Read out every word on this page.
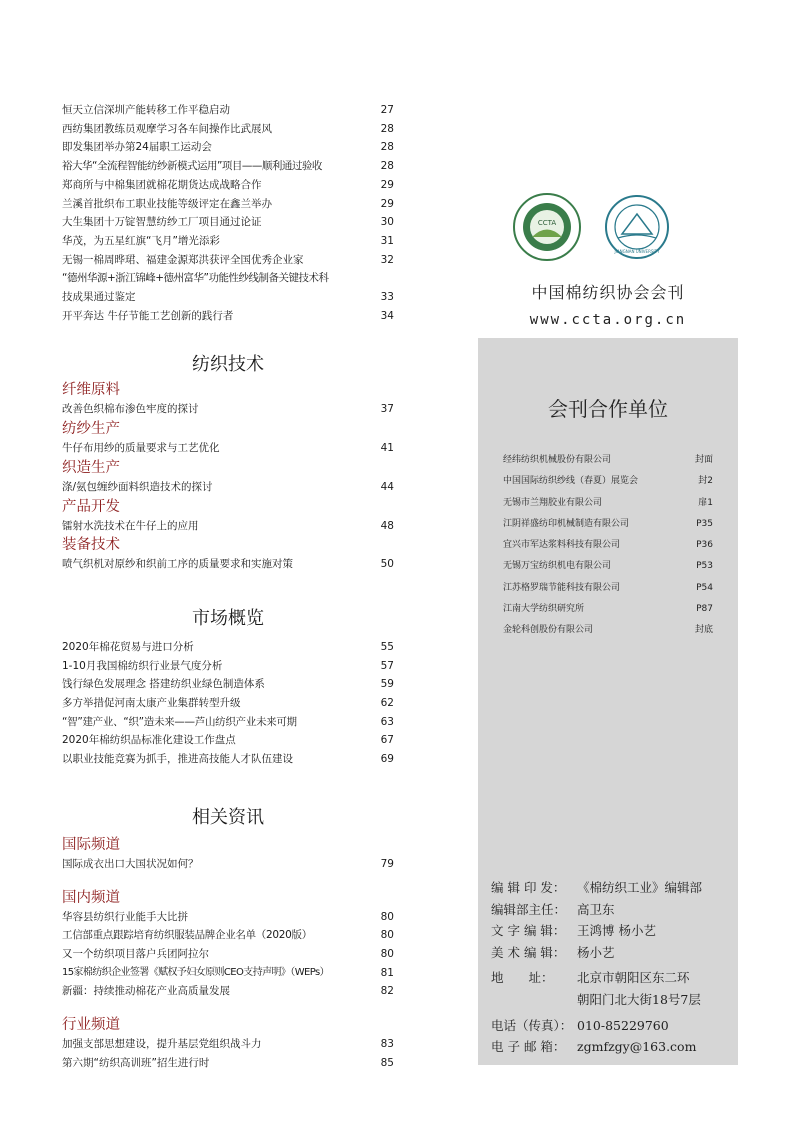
恒天立信深圳产能转移工作平稳启动	27
西纺集团教练员观摩学习各车间操作比武展风	28
即发集团举办第24届职工运动会	28
裕大华“全流程智能纺纱新模式运用”项目——顺利通过验收	28
郑商所与中棉集团就棉花期货达成战略合作	29
兰溪首批织布工职业技能等级评定在鑫兰举办	29
大生集团十万锭智慧纺纱工厂项目通过论证	30
华茂，为五星红旗“飞月”增光添彩	31
无锡一棉周晔珺、福建金源郑洪获评全国优秀企业家	32
“德州华源+浙江锦峰+德州富华”功能性纱线制备关键技术科
技成果通过鉴定	33
开平奔达 牛仔节能工艺创新的践行者	34
纺织技术
纤维原料
改善色织棉布渗色牢度的探讨	37
纺纱生产
牛仔布用纱的质量要求与工艺优化	41
织造生产
涤/氨包缠纱面料织造技术的探讨	44
产品开发
镭射水洗技术在牛仔上的应用	48
装备技术
喷气织机对原纱和织前工序的质量要求和实施对策	50
市场概览
2020年棉花贸易与进口分析	55
1-10月我国棉纺织行业景气度分析	57
饯行绿色发展理念 搭建纺织业绿色制造体系	59
多方举措促河南太康产业集群转型升级	62
“智”建产业、“织”造未来——芦山纺织产业未来可期	63
2020年棉纺织品标准化建设工作盘点	67
以职业技能竞赛为抓手，推进高技能人才队伍建设	69
相关资讯
国际频道
国际成衣出口大国状况如何？	79
国内频道
华容县纺织行业能手大比拼	80
工信部重点跟踪培育纺织服装品牌企业名单（2020版）	80
又一个纺织项目落户兵团阿拉尔	80
15家棉纺织企业签署《赋权予妇女原则CEO支持声明》（WEPs）	81
新疆：持续推动棉花产业高质量发展	82
行业频道
加强支部思想建设，提升基层党组织战斗力	83
第六期“纺织高训班”招生进行时	85
CCTA
JIANGNAN UNIVERSITY
中国棉纺织协会会刊
www.ccta.org.cn
会刊合作单位
经纬纺织机械股份有限公司	封面
中国国际纺织纱线（春夏）展览会	封2
无锡市兰翔胶业有限公司	扉1
江阴祥盛纺印机械制造有限公司	P35
宜兴市军达浆料科技有限公司	P36
无锡万宝纺织机电有限公司	P53
江苏格罗瑞节能科技有限公司	P54
江南大学纺织研究所	P87
金轮科创股份有限公司	封底
编 辑 印 发： 《棉纺织工业》编辑部
编辑部主任： 高卫东
文 字 编 辑： 王鸿博 杨小艺
美 术 编 辑： 杨小艺
地　　址：	北京市朝阳区东二环
朝阳门北大街18号7层
电话（传真）： 010-85229760
电 子 邮 箱： zgmfzgy@163.com
